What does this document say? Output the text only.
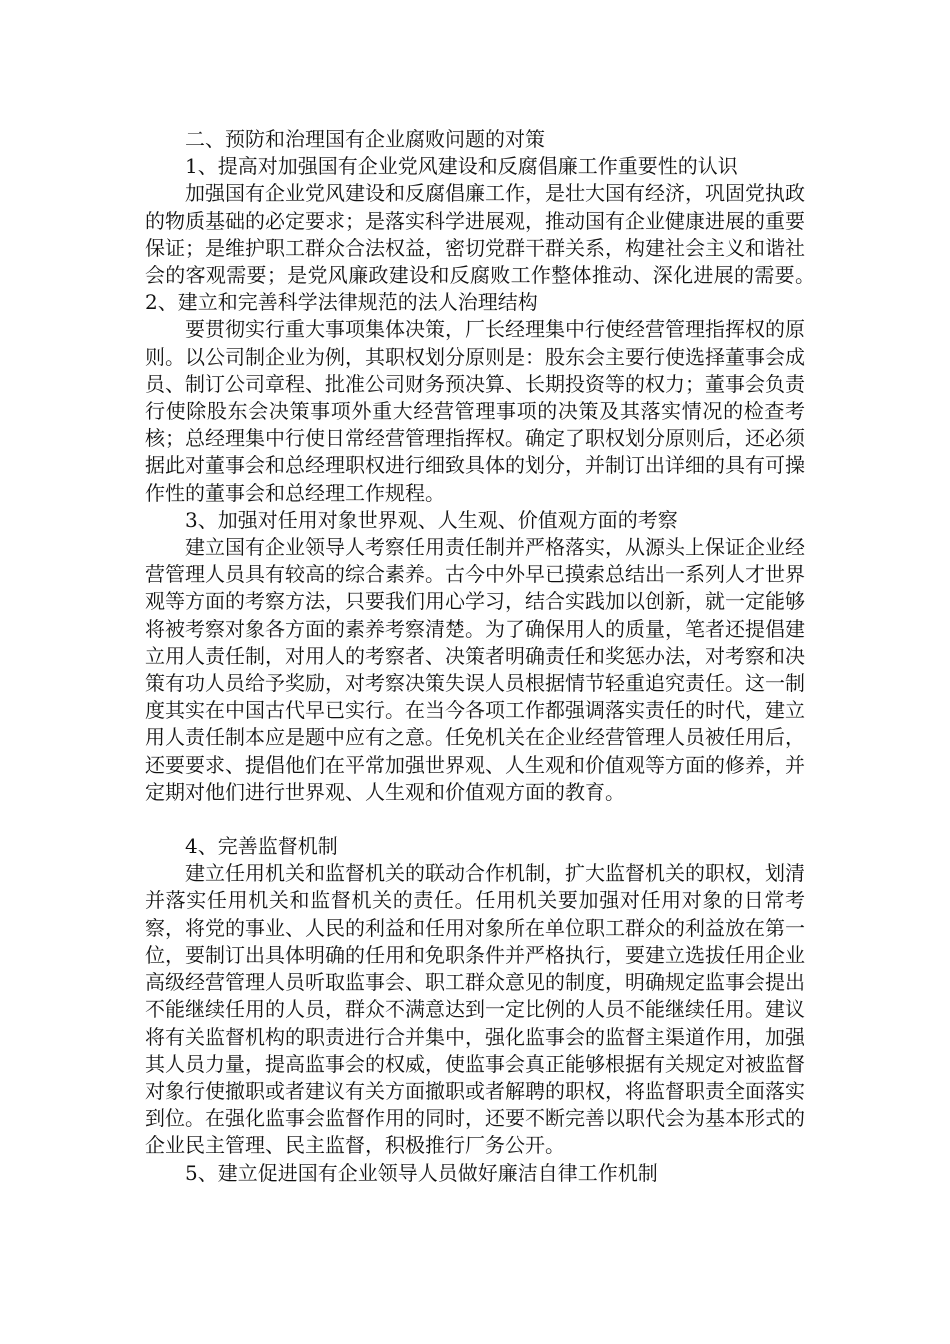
二、预防和治理国有企业腐败问题的对策

1、提高对加强国有企业党风建设和反腐倡廉工作重要性的认识

加强国有企业党风建设和反腐倡廉工作，是壮大国有经济，巩固党执政的物质基础的必定要求；是落实科学进展观，推动国有企业健康进展的重要保证；是维护职工群众合法权益，密切党群干群关系，构建社会主义和谐社会的客观需要；是党风廉政建设和反腐败工作整体推动、深化进展的需要。　　　2、建立和完善科学法律规范的法人治理结构

要贯彻实行重大事项集体决策，厂长经理集中行使经营管理指挥权的原则。以公司制企业为例，其职权划分原则是：股东会主要行使选择董事会成员、制订公司章程、批准公司财务预决算、长期投资等的权力；董事会负责行使除股东会决策事项外重大经营管理事项的决策及其落实情况的检查考核；总经理集中行使日常经营管理指挥权。确定了职权划分原则后，还必须据此对董事会和总经理职权进行细致具体的划分，并制订出详细的具有可操作性的董事会和总经理工作规程。

3、加强对任用对象世界观、人生观、价值观方面的考察

建立国有企业领导人考察任用责任制并严格落实，从源头上保证企业经营管理人员具有较高的综合素养。古今中外早已摸索总结出一系列人才世界观等方面的考察方法，只要我们用心学习，结合实践加以创新，就一定能够将被考察对象各方面的素养考察清楚。为了确保用人的质量，笔者还提倡建立用人责任制，对用人的考察者、决策者明确责任和奖惩办法，对考察和决策有功人员给予奖励，对考察决策失误人员根据情节轻重追究责任。这一制度其实在中国古代早已实行。在当今各项工作都强调落实责任的时代，建立用人责任制本应是题中应有之意。任免机关在企业经营管理人员被任用后，还要要求、提倡他们在平常加强世界观、人生观和价值观等方面的修养，并定期对他们进行世界观、人生观和价值观方面的教育。

4、完善监督机制

建立任用机关和监督机关的联动合作机制，扩大监督机关的职权，划清并落实任用机关和监督机关的责任。任用机关要加强对任用对象的日常考察，将党的事业、人民的利益和任用对象所在单位职工群众的利益放在第一位，要制订出具体明确的任用和免职条件并严格执行，要建立选拔任用企业高级经营管理人员听取监事会、职工群众意见的制度，明确规定监事会提出不能继续任用的人员，群众不满意达到一定比例的人员不能继续任用。建议将有关监督机构的职责进行合并集中，强化监事会的监督主渠道作用，加强其人员力量，提高监事会的权威，使监事会真正能够根据有关规定对被监督对象行使撤职或者建议有关方面撤职或者解聘的职权，将监督职责全面落实到位。在强化监事会监督作用的同时，还要不断完善以职代会为基本形式的企业民主管理、民主监督，积极推行厂务公开。

5、建立促进国有企业领导人员做好廉洁自律工作机制
